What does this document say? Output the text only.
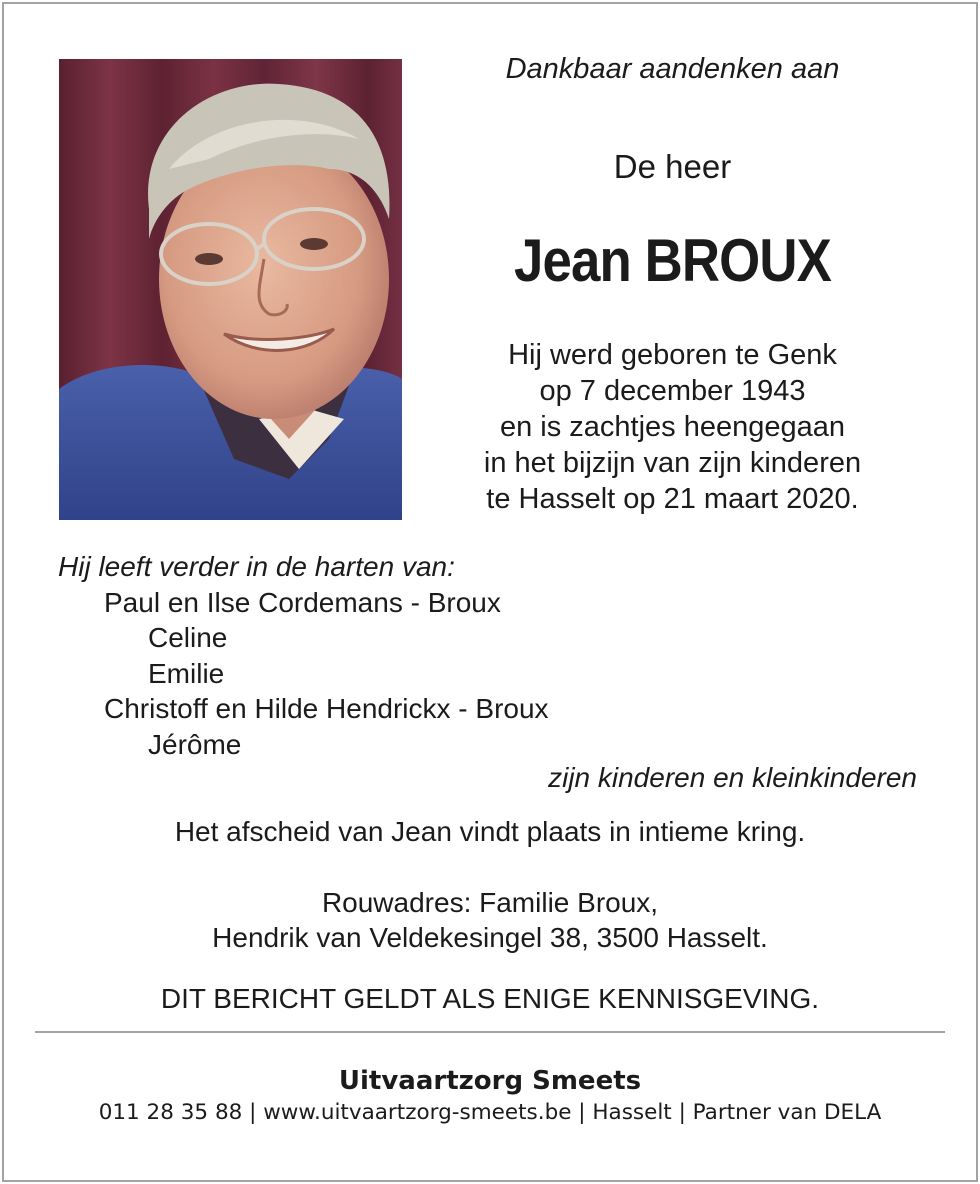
Dankbaar aandenken aan
De heer
Jean BROUX
Hij werd geboren te Genk
op 7 december 1943
en is zachtjes heengegaan
in het bijzijn van zijn kinderen
te Hasselt op 21 maart 2020.
Hij leeft verder in de harten van:
Paul en Ilse Cordemans - Broux
Celine
Emilie
Christoff en Hilde Hendrickx - Broux
Jérôme
zijn kinderen en kleinkinderen
Het afscheid van Jean vindt plaats in intieme kring.
Rouwadres: Familie Broux,
Hendrik van Veldekesingel 38, 3500 Hasselt.
DIT BERICHT GELDT ALS ENIGE KENNISGEVING.
Uitvaartzorg Smeets
011 28 35 88 | www.uitvaartzorg-smeets.be | Hasselt | Partner van DELA
